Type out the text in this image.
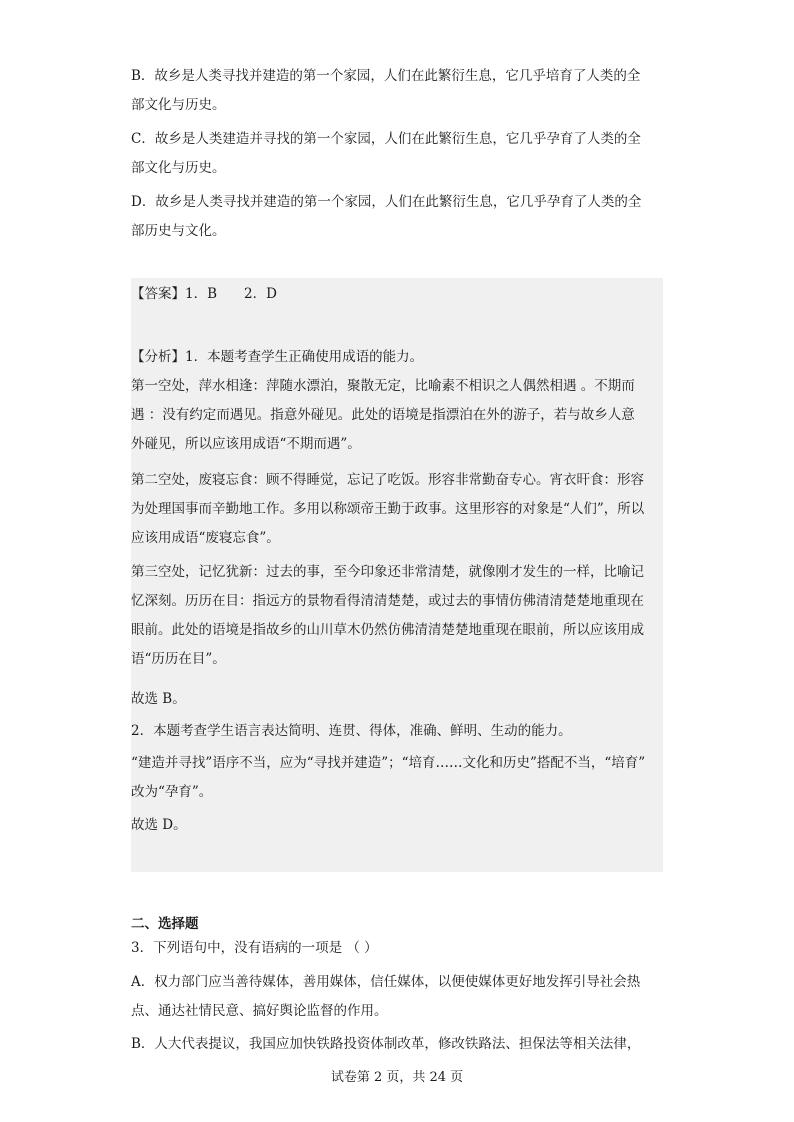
B．故乡是人类寻找并建造的第一个家园，人们在此繁衍生息，它几乎培育了人类的全

部文化与历史。

C．故乡是人类建造并寻找的第一个家园，人们在此繁衍生息，它几乎孕育了人类的全

部文化与历史。

D．故乡是人类寻找并建造的第一个家园，人们在此繁衍生息，它几乎孕育了人类的全

部历史与文化。

【答案】1．B　　2．D

【分析】1．本题考查学生正确使用成语的能力。

第一空处，萍水相逢：萍随水漂泊，聚散无定，比喻素不相识之人偶然相遇 。不期而

遇 ：没有约定而遇见。指意外碰见。此处的语境是指漂泊在外的游子，若与故乡人意

外碰见，所以应该用成语“不期而遇”。

第二空处，废寝忘食：顾不得睡觉，忘记了吃饭。形容非常勤奋专心。宵衣旰食：形容

为处理国事而辛勤地工作。多用以称颂帝王勤于政事。这里形容的对象是“人们”，所以

应该用成语“废寝忘食”。

第三空处，记忆犹新：过去的事，至今印象还非常清楚，就像刚才发生的一样，比喻记

忆深刻。历历在目：指远方的景物看得清清楚楚，或过去的事情仿佛清清楚楚地重现在

眼前。此处的语境是指故乡的山川草木仍然仿佛清清楚楚地重现在眼前，所以应该用成

语“历历在目”。

故选 B。

2．本题考查学生语言表达简明、连贯、得体，准确、鲜明、生动的能力。

“建造并寻找”语序不当，应为“寻找并建造”；“培育……文化和历史”搭配不当，“培育”

改为“孕育”。

故选 D。

二、选择题

3．下列语句中，没有语病的一项是 （ ）

A．权力部门应当善待媒体，善用媒体，信任媒体，以便使媒体更好地发挥引导社会热

点、通达社情民意、搞好舆论监督的作用。

B．人大代表提议，我国应加快铁路投资体制改革，修改铁路法、担保法等相关法律，

试卷第 2 页，共 24 页
